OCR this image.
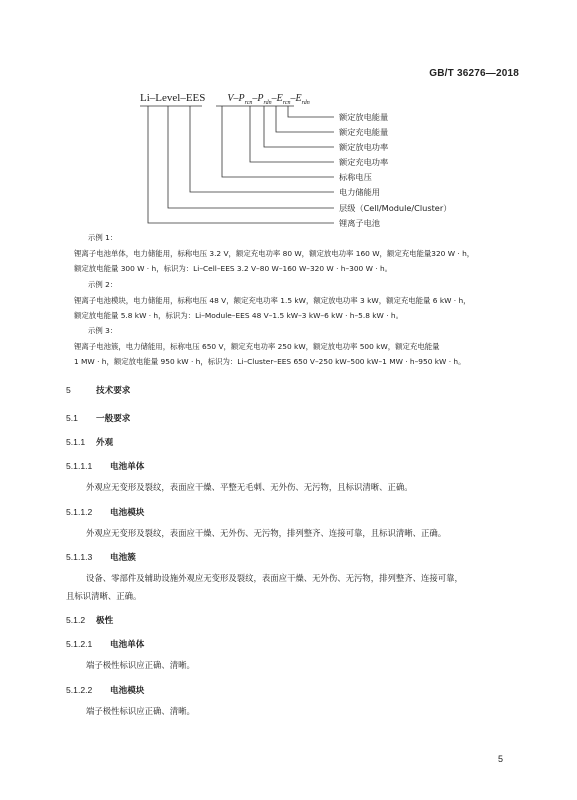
GB/T 36276—2018
Li–Level–EES $V-P_{rcn}-P_{rdn}-E_{rcn}-E_{rdn}$
额定放电能量
额定充电能量
额定放电功率
额定充电功率
标称电压
电力储能用
层级（Cell/Module/Cluster）
锂离子电池
示例 1：
锂离子电池单体，电力储能用，标称电压 3.2 V，额定充电功率 80 W，额定放电功率 160 W，额定充电能量320 W · h，
额定放电能量 300 W · h，标识为：Li–Cell–EES 3.2 V–80 W–160 W–320 W · h–300 W · h。
示例 2：
锂离子电池模块，电力储能用，标称电压 48 V，额定充电功率 1.5 kW，额定放电功率 3 kW，额定充电能量 6 kW · h，
额定放电能量 5.8 kW · h，标识为：Li–Module–EES 48 V–1.5 kW–3 kW–6 kW · h–5.8 kW · h。
示例 3：
锂离子电池簇，电力储能用，标称电压 650 V，额定充电功率 250 kW，额定放电功率 500 kW，额定充电能量
1 MW · h，额定放电能量 950 kW · h，标识为：Li–Cluster–EES 650 V–250 kW–500 kW–1 MW · h–950 kW · h。
5	技术要求
5.1 一般要求
5.1.1 外观
5.1.1.1 电池单体
外观应无变形及裂纹，表面应干燥、平整无毛刺、无外伤、无污物，且标识清晰、正确。
5.1.1.2 电池模块
外观应无变形及裂纹，表面应干燥、无外伤、无污物，排列整齐、连接可靠，且标识清晰、正确。
5.1.1.3 电池簇
设备、零部件及辅助设施外观应无变形及裂纹，表面应干燥、无外伤、无污物，排列整齐、连接可靠，
且标识清晰、正确。
5.1.2 极性
5.1.2.1 电池单体
端子极性标识应正确、清晰。
5.1.2.2 电池模块
端子极性标识应正确、清晰。
5
